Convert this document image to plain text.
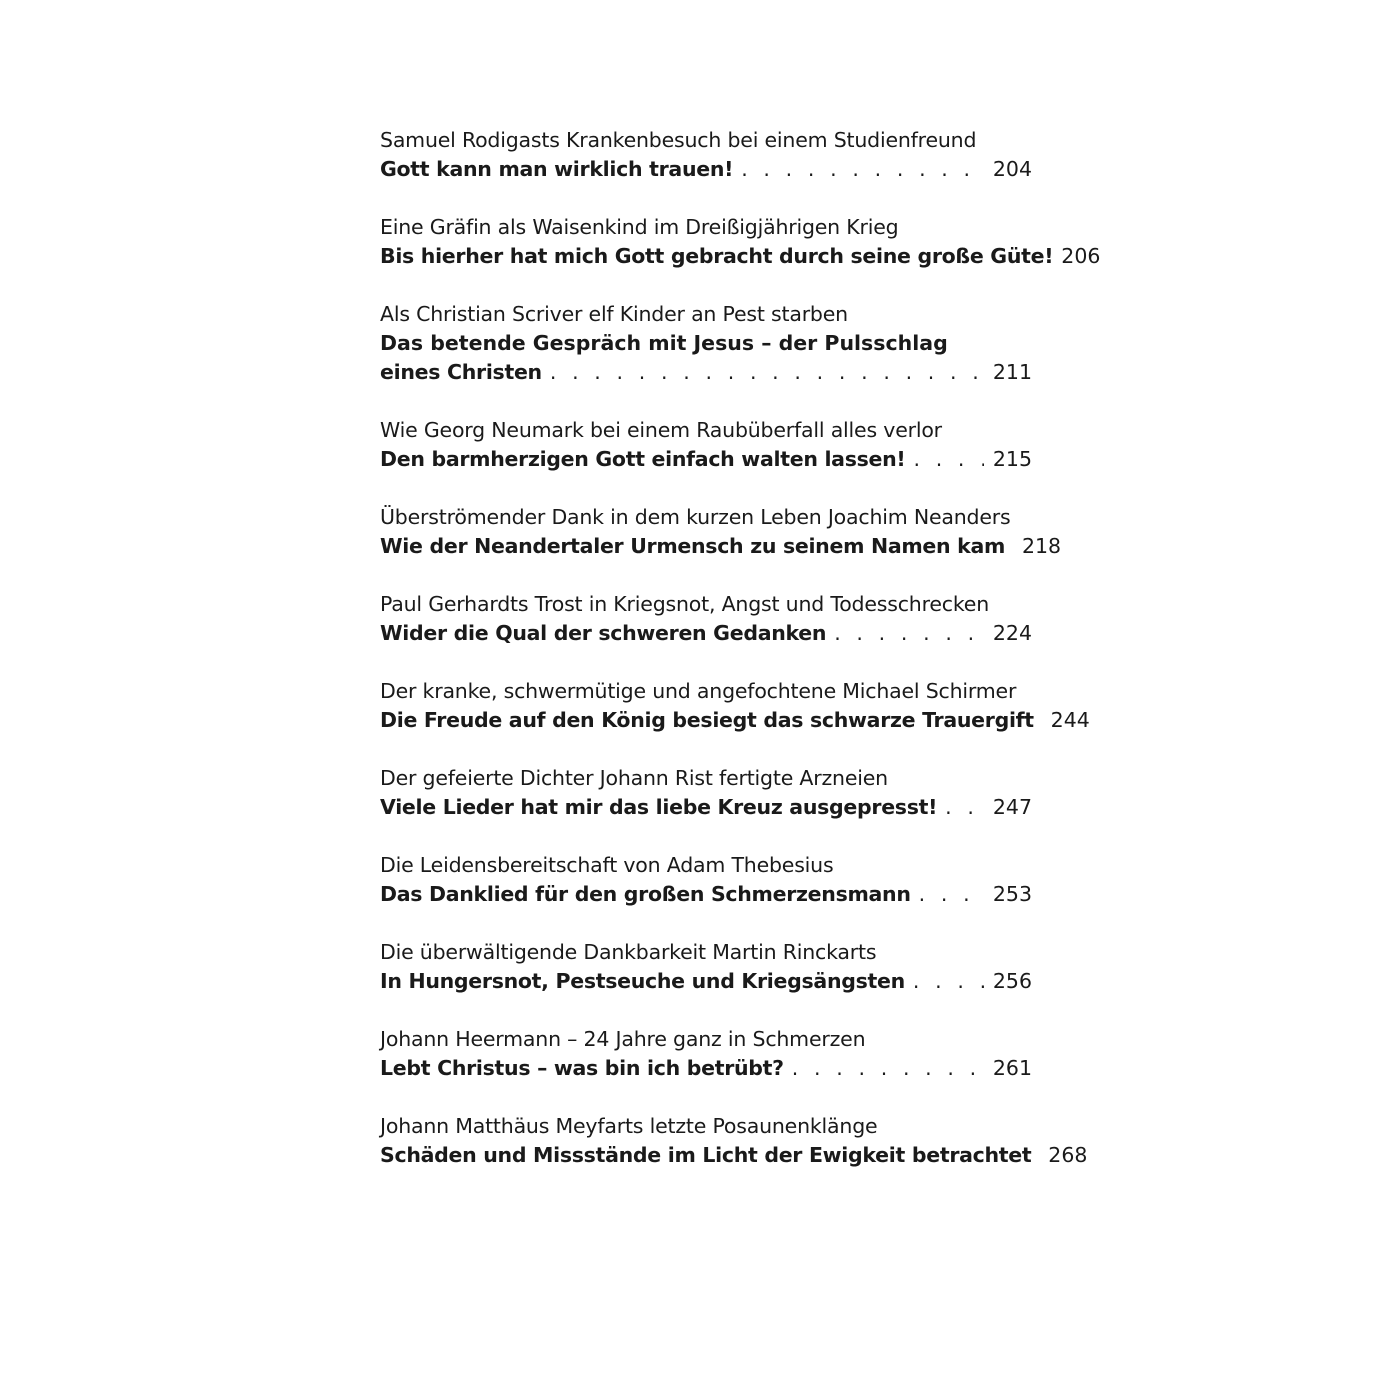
Samuel Rodigasts Krankenbesuch bei einem Studienfreund
Gott kann man wirklich trauen! . . .	204
Eine Gräfin als Waisenkind im Dreißigjährigen Krieg
Bis hierher hat mich Gott gebracht durch seine große Güte! 206
Als Christian Scriver elf Kinder an Pest starben
Das betende Gespräch mit Jesus – der Pulsschlag
eines Christen . . .	211
Wie Georg Neumark bei einem Raubüberfall alles verlor
Den barmherzigen Gott einfach walten lassen! . . .	215
Überströmender Dank in dem kurzen Leben Joachim Neanders
Wie der Neandertaler Urmensch zu seinem Namen kam 218
Paul Gerhardts Trost in Kriegsnot, Angst und Todesschrecken
Wider die Qual der schweren Gedanken . . .	224
Der kranke, schwermütige und angefochtene Michael Schirmer
Die Freude auf den König besiegt das schwarze Trauergift 244
Der gefeierte Dichter Johann Rist fertigte Arzneien
Viele Lieder hat mir das liebe Kreuz ausgepresst! . . .	247
Die Leidensbereitschaft von Adam Thebesius
Das Danklied für den großen Schmerzensmann . . .	253
Die überwältigende Dankbarkeit Martin Rinckarts
In Hungersnot, Pestseuche und Kriegsängsten . . .	256
Johann Heermann – 24 Jahre ganz in Schmerzen
Lebt Christus – was bin ich betrübt? . . .	261
Johann Matthäus Meyfarts letzte Posaunenklänge
Schäden und Missstände im Licht der Ewigkeit betrachtet 268
